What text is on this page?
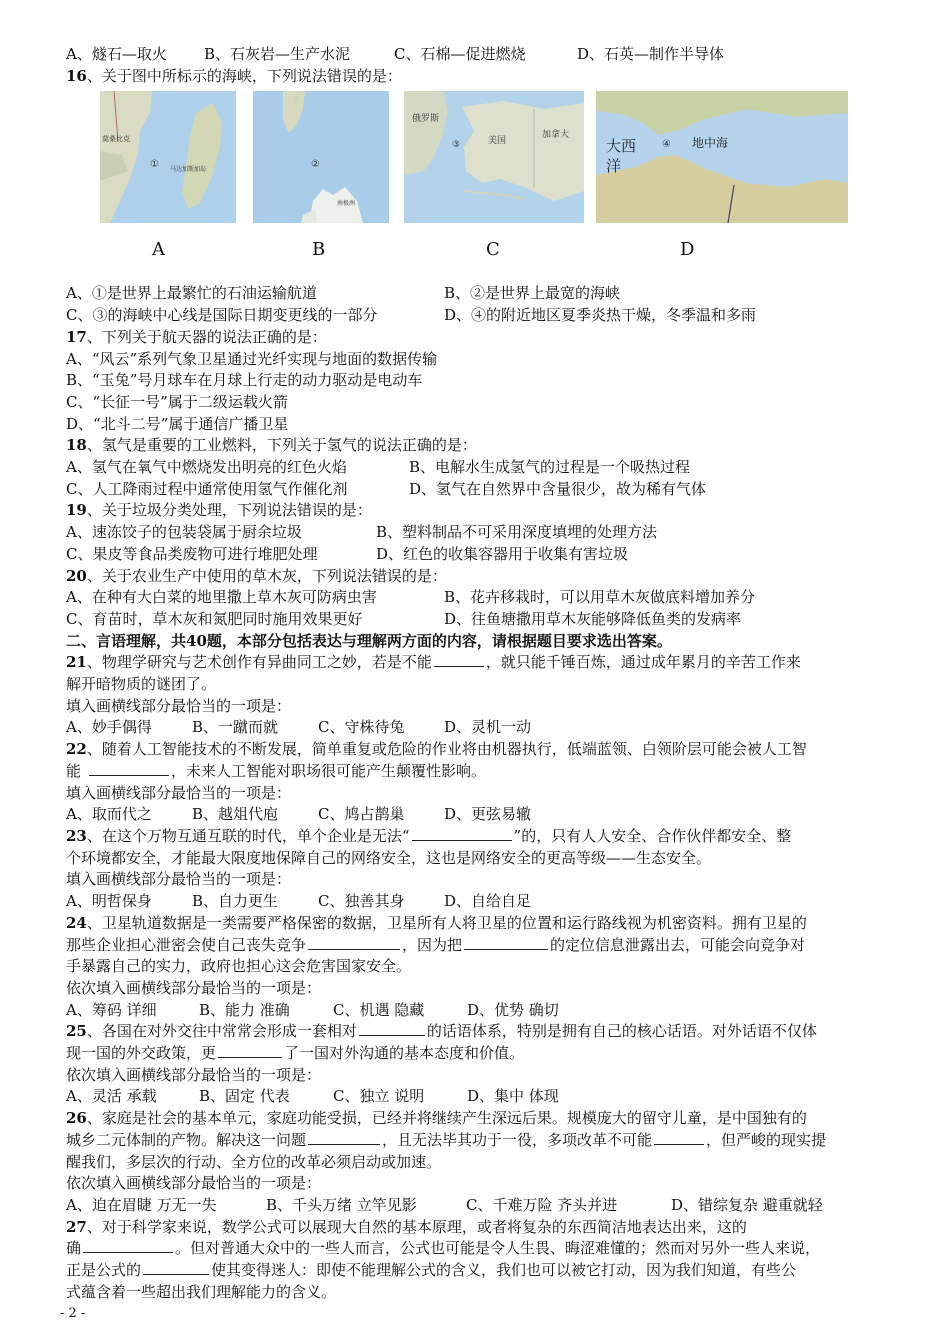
A、燧石—取火 B、石灰岩—生产水泥	C、石棉—促进燃烧	D、石英—制作半导体
16、关于图中所标示的海峡，下列说法错误的是：
莫桑比克
① 马达加斯加岛	②
南极洲
俄罗斯
③	美国
加拿大
大西
洋
④ 地中海
A	B	C	D
A、①是世界上最繁忙的石油运输航道	B、②是世界上最宽的海峡
C、③的海峡中心线是国际日期变更线的一部分	D、④的附近地区夏季炎热干燥，冬季温和多雨
17、下列关于航天器的说法正确的是：
A、“风云”系列气象卫星通过光纤实现与地面的数据传输
B、“玉兔”号月球车在月球上行走的动力驱动是电动车
C、“长征一号”属于二级运载火箭
D、“北斗二号”属于通信广播卫星
18、氢气是重要的工业燃料，下列关于氢气的说法正确的是：
A、氢气在氧气中燃烧发出明亮的红色火焰	B、电解水生成氢气的过程是一个吸热过程
C、人工降雨过程中通常使用氢气作催化剂	D、氢气在自然界中含量很少，故为稀有气体
19、关于垃圾分类处理，下列说法错误的是：
A、速冻饺子的包装袋属于厨余垃圾	B、塑料制品不可采用深度填埋的处理方法
C、果皮等食品类废物可进行堆肥处理	D、红色的收集容器用于收集有害垃圾
20、关于农业生产中使用的草木灰，下列说法错误的是：
A、在种有大白菜的地里撒上草木灰可防病虫害	B、花卉移栽时，可以用草木灰做底料增加养分
C、育苗时，草木灰和氮肥同时施用效果更好	D、往鱼塘撒用草木灰能够降低鱼类的发病率
二、言语理解，共40题，本部分包括表达与理解两方面的内容，请根据题目要求选出答案。
21、物理学研究与艺术创作有异曲同工之妙，若是不能	，就只能千锤百炼，通过成年累月的辛苦工作来
解开暗物质的谜团了。
填入画横线部分最恰当的一项是：
A、妙手偶得	B、一蹴而就	C、守株待兔	D、灵机一动
22、随着人工智能技术的不断发展，简单重复或危险的作业将由机器执行，低端蓝领、白领阶层可能会被人工智
能	，未来人工智能对职场很可能产生颠覆性影响。
填入画横线部分最恰当的一项是：
A、取而代之	B、越俎代庖	C、鸠占鹊巢	D、更弦易辙
23、在这个万物互通互联的时代，单个企业是无法“	”的，只有人人安全、合作伙伴都安全、整
个环境都安全，才能最大限度地保障自己的网络安全，这也是网络安全的更高等级——生态安全。
填入画横线部分最恰当的一项是：
A、明哲保身	B、自力更生	C、独善其身	D、自给自足
24、卫星轨道数据是一类需要严格保密的数据，卫星所有人将卫星的位置和运行路线视为机密资料。拥有卫星的
那些企业担心泄密会使自己丧失竞争	，因为把	的定位信息泄露出去，可能会向竞争对
手暴露自己的实力，政府也担心这会危害国家安全。
依次填入画横线部分最恰当的一项是：
A、筹码 详细	B、能力 准确	C、机遇 隐藏	D、优势 确切
25、各国在对外交往中常常会形成一套相对	的话语体系，特别是拥有自己的核心话语。对外话语不仅体
现一国的外交政策，更	了一国对外沟通的基本态度和价值。
依次填入画横线部分最恰当的一项是：
A、灵活 承载	B、固定 代表	C、独立 说明	D、集中 体现
26、家庭是社会的基本单元，家庭功能受损，已经并将继续产生深远后果。规模庞大的留守儿童，是中国独有的
城乡二元体制的产物。解决这一问题	，且无法毕其功于一役，多项改革不可能	，但严峻的现实提
醒我们，多层次的行动、全方位的改革必须启动或加速。
依次填入画横线部分最恰当的一项是：
A、迫在眉睫 万无一失	B、千头万绪 立竿见影	C、千难万险 齐头并进	D、错综复杂 避重就轻
27、对于科学家来说，数学公式可以展现大自然的基本原理，或者将复杂的东西简洁地表达出来，这的
确	。但对普通大众中的一些人而言，公式也可能是令人生畏、晦涩难懂的；然而对另外一些人来说，
正是公式的	使其变得迷人：即使不能理解公式的含义，我们也可以被它打动，因为我们知道，有些公
式蕴含着一些超出我们理解能力的含义。
- 2 -
